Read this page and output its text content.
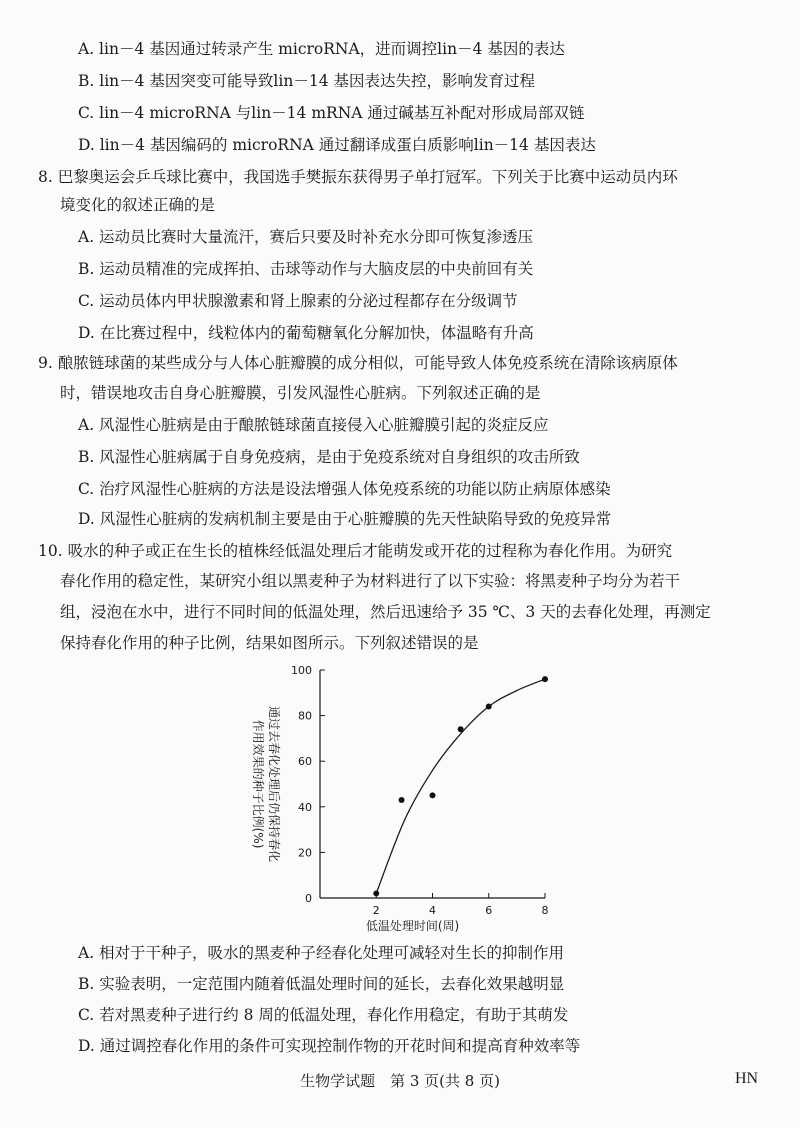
A. lin－4 基因通过转录产生 microRNA，进而调控lin－4 基因的表达
B. lin－4 基因突变可能导致lin－14 基因表达失控，影响发育过程
C. lin－4 microRNA 与lin－14 mRNA 通过碱基互补配对形成局部双链
D. lin－4 基因编码的 microRNA 通过翻译成蛋白质影响lin－14 基因表达
8. 巴黎奥运会乒乓球比赛中，我国选手樊振东获得男子单打冠军。下列关于比赛中运动员内环
境变化的叙述正确的是
A. 运动员比赛时大量流汗，赛后只要及时补充水分即可恢复渗透压
B. 运动员精准的完成挥拍、击球等动作与大脑皮层的中央前回有关
C. 运动员体内甲状腺激素和肾上腺素的分泌过程都存在分级调节
D. 在比赛过程中，线粒体内的葡萄糖氧化分解加快，体温略有升高
9. 酿脓链球菌的某些成分与人体心脏瓣膜的成分相似，可能导致人体免疫系统在清除该病原体
时，错误地攻击自身心脏瓣膜，引发风湿性心脏病。下列叙述正确的是
A. 风湿性心脏病是由于酿脓链球菌直接侵入心脏瓣膜引起的炎症反应
B. 风湿性心脏病属于自身免疫病，是由于免疫系统对自身组织的攻击所致
C. 治疗风湿性心脏病的方法是设法增强人体免疫系统的功能以防止病原体感染
D. 风湿性心脏病的发病机制主要是由于心脏瓣膜的先天性缺陷导致的免疫异常
10. 吸水的种子或正在生长的植株经低温处理后才能萌发或开花的过程称为春化作用。为研究
春化作用的稳定性，某研究小组以黑麦种子为材料进行了以下实验：将黑麦种子均分为若干
组，浸泡在水中，进行不同时间的低温处理，然后迅速给予 35 ℃、3 天的去春化处理，再测定
保持春化作用的种子比例，结果如图所示。下列叙述错误的是
0
20
40
60
80
100
2	4	6	8
低温处理时间(周)
通过去春化处理后仍保持春化
作用效果的种子比例(%)
A. 相对于干种子，吸水的黑麦种子经春化处理可减轻对生长的抑制作用
B. 实验表明，一定范围内随着低温处理时间的延长，去春化效果越明显
C. 若对黑麦种子进行约 8 周的低温处理，春化作用稳定，有助于其萌发
D. 通过调控春化作用的条件可实现控制作物的开花时间和提高育种效率等
生物学试题　第 3 页(共 8 页)	HN
